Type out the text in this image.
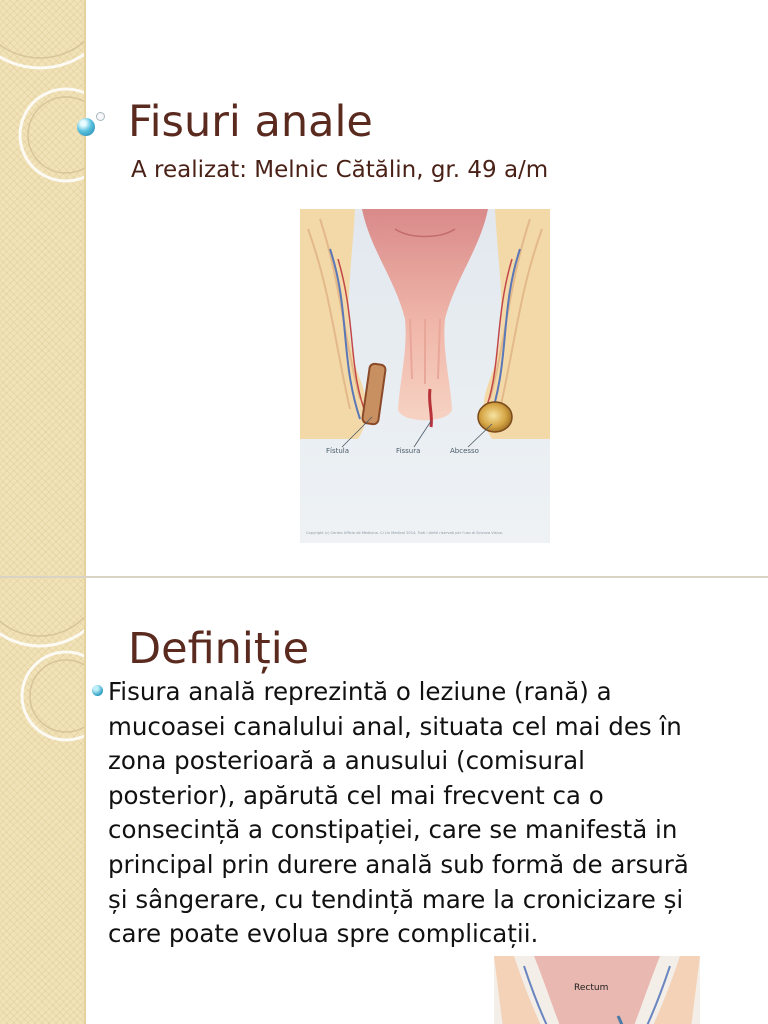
Fisuri anale

A realizat: Melnic Cătălin, gr. 49 a/m

Fístula	Fissura	Abcesso
Copyright (c) Centro Ufficio de Medicina. Ci Lin Medical 2014. Tutti i diritti riservati per l'uso di Scienza Visiva.
Definiție

Fisura anală reprezintă o leziune (rană) a mucoasei canalului anal, situata cel mai des în zona posterioară a anusului (comisural posterior), apărută cel mai frecvent ca o consecință a constipației, care se manifestă in principal prin durere anală sub formă de arsură și sângerare, cu tendință mare la cronicizare și care poate evolua spre complicații.

Rectum
